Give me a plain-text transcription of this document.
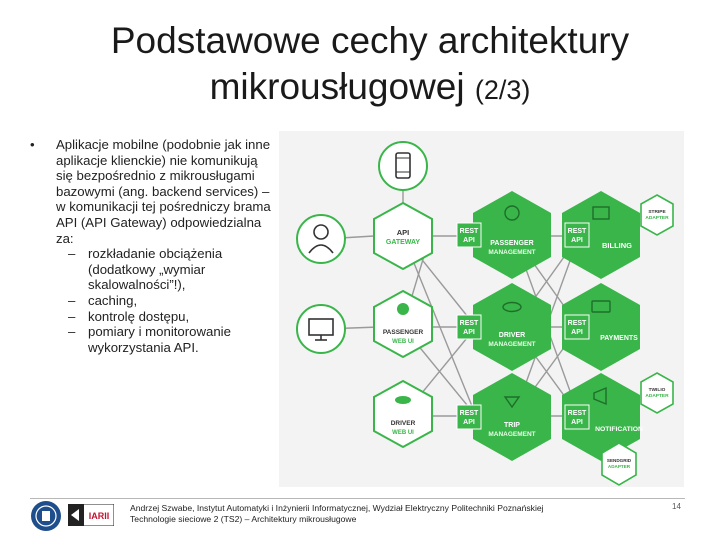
Podstawowe cechy architektury
mikrousługowej (2/3)
• Aplikacje mobilne (podobnie jak inne aplikacje klienckie) nie komunikują się bezpośrednio z mikrousługami bazowymi (ang. backend services) – w komunikacji tej pośredniczy brama API (API Gateway) odpowiedzialna za:
– rozkładanie obciążenia (dodatkowy „wymiar skalowalności”!),
– caching,
– kontrolę dostępu,
– pomiary i monitorowanie wykorzystania API.
API
GATEWAY
PASSENGER
WEB UI
DRIVER
WEB UI
PASSENGER
MANAGEMENT
REST
API
DRIVER
MANAGEMENT
REST
API
TRIP
MANAGEMENT
REST
API
BILLING
REST
API
PAYMENTS
REST
API
NOTIFICATION
REST
API
STRIPE
ADAPTER
TWILIO
ADAPTER
SENDGRID
ADAPTER
IARII
Andrzej Szwabe, Instytut Automatyki i Inżynierii Informatycznej, Wydział Elektryczny Politechniki Poznańskiej
Technologie sieciowe 2 (TS2) – Architektury mikrousługowe
14
